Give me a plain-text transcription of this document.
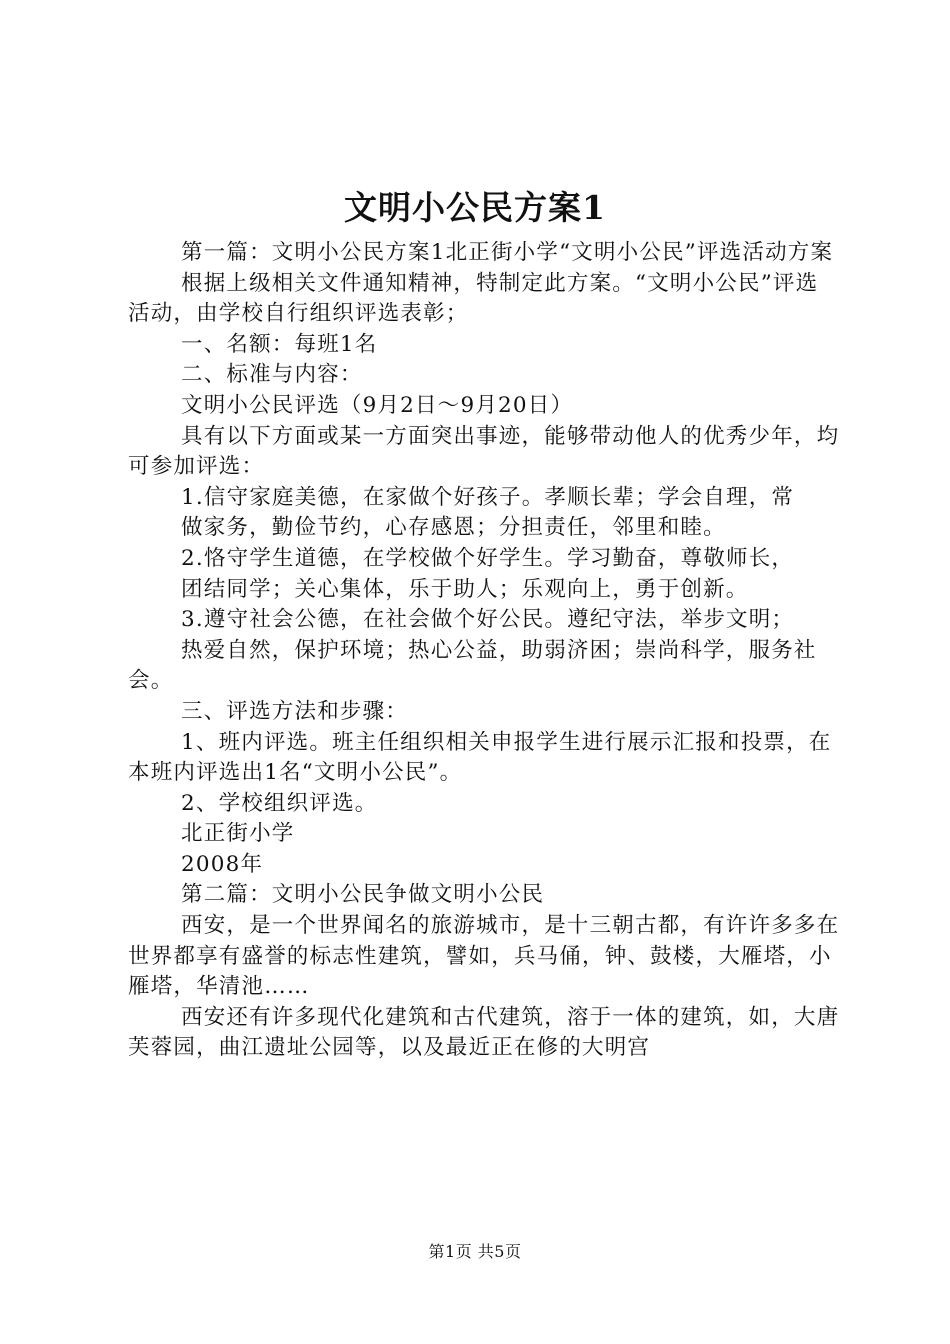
文明小公民方案1

第一篇：文明小公民方案1北正街小学“文明小公民”评选活动方案

根据上级相关文件通知精神，特制定此方案。“文明小公民”评选活动，由学校自行组织评选表彰；

一、名额：每班1名

二、标准与内容：

文明小公民评选（9月2日～9月20日）

具有以下方面或某一方面突出事迹，能够带动他人的优秀少年，均可参加评选：

1.信守家庭美德，在家做个好孩子。孝顺长辈；学会自理，常

做家务，勤俭节约，心存感恩；分担责任，邻里和睦。

2.恪守学生道德，在学校做个好学生。学习勤奋，尊敬师长，

团结同学；关心集体，乐于助人；乐观向上，勇于创新。

3.遵守社会公德，在社会做个好公民。遵纪守法，举步文明；

热爱自然，保护环境；热心公益，助弱济困；崇尚科学，服务社会。

三、评选方法和步骤：

1、班内评选。班主任组织相关申报学生进行展示汇报和投票，在本班内评选出1名“文明小公民”。

2、学校组织评选。

北正街小学

2008年

第二篇：文明小公民争做文明小公民

西安，是一个世界闻名的旅游城市，是十三朝古都，有许许多多在世界都享有盛誉的标志性建筑，譬如，兵马俑，钟、鼓楼，大雁塔，小雁塔，华清池……

西安还有许多现代化建筑和古代建筑，溶于一体的建筑，如，大唐芙蓉园，曲江遗址公园等，以及最近正在修的大明宫

第1页 共5页
